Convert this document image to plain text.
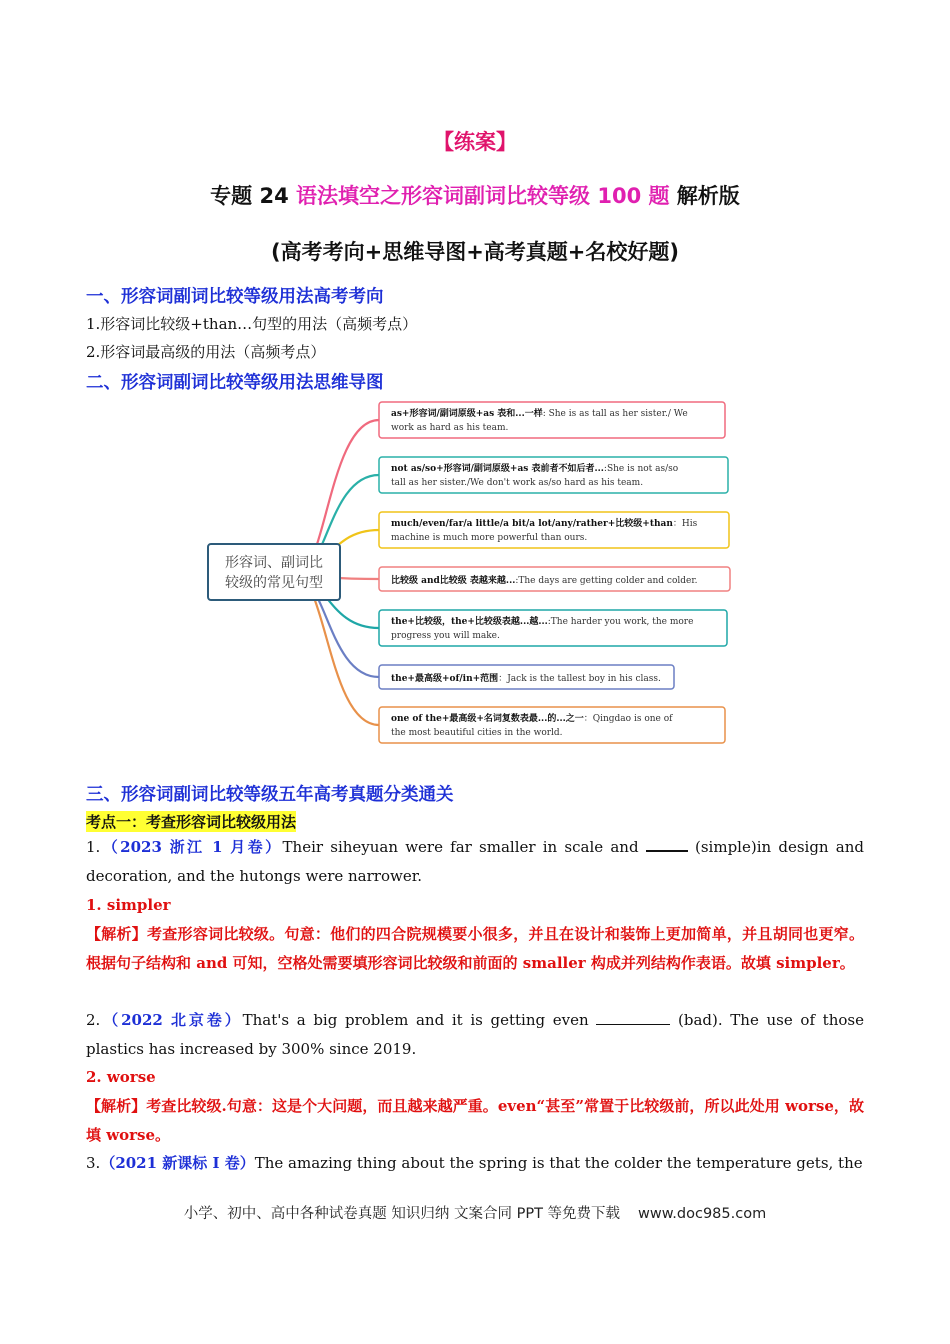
【练案】
专题 24 语法填空之形容词副词比较等级 100 题 解析版
(高考考向+思维导图+高考真题+名校好题)
一、形容词副词比较等级用法高考考向
1.形容词比较级+than…句型的用法（高频考点）
2.形容词最高级的用法（高频考点）
二、形容词副词比较等级用法思维导图
形容词、副词比
较级的常见句型
as+形容词/副词原级+as 表和...一样: She is as tall as her sister./ We
work as hard as his team.
not as/so+形容词/副词原级+as 表前者不如后者...:She is not as/so
tall as her sister./We don't work as/so hard as his team.
much/even/far/a little/a bit/a lot/any/rather+比较级+than：His
machine is much more powerful than ours.
比较级 and比较级 表越来越...:The days are getting colder and colder.
the+比较级，the+比较级表越...越...:The harder you work, the more
progress you will make.
the+最高级+of/in+范围：Jack is the tallest boy in his class.
one of the+最高级+名词复数表最...的...之一：Qingdao is one of
the most beautiful cities in the world.
三、形容词副词比较等级五年高考真题分类通关
考点一：考查形容词比较级用法
1.（2023 浙江 1 月卷）Their siheyuan were far smaller in scale and	(simple)in design and decoration, and the hutongs were narrower.
1. simpler
【解析】考查形容词比较级。句意：他们的四合院规模要小很多，并且在设计和装饰上更加简单，并且胡同也更窄。根据句子结构和 and 可知，空格处需要填形容词比较级和前面的 smaller 构成并列结构作表语。故填 simpler。
2.（2022 北京卷）That's a big problem and it is getting even	(bad). The use of those plastics has increased by 300% since 2019.
2. worse
【解析】考查比较级.句意：这是个大问题，而且越来越严重。even“甚至”常置于比较级前，所以此处用 worse，故填 worse。
3.（2021 新课标 I 卷）The amazing thing about the spring is that the colder the temperature gets, the
小学、初中、高中各种试卷真题 知识归纳 文案合同 PPT 等免费下载 www.doc985.com
